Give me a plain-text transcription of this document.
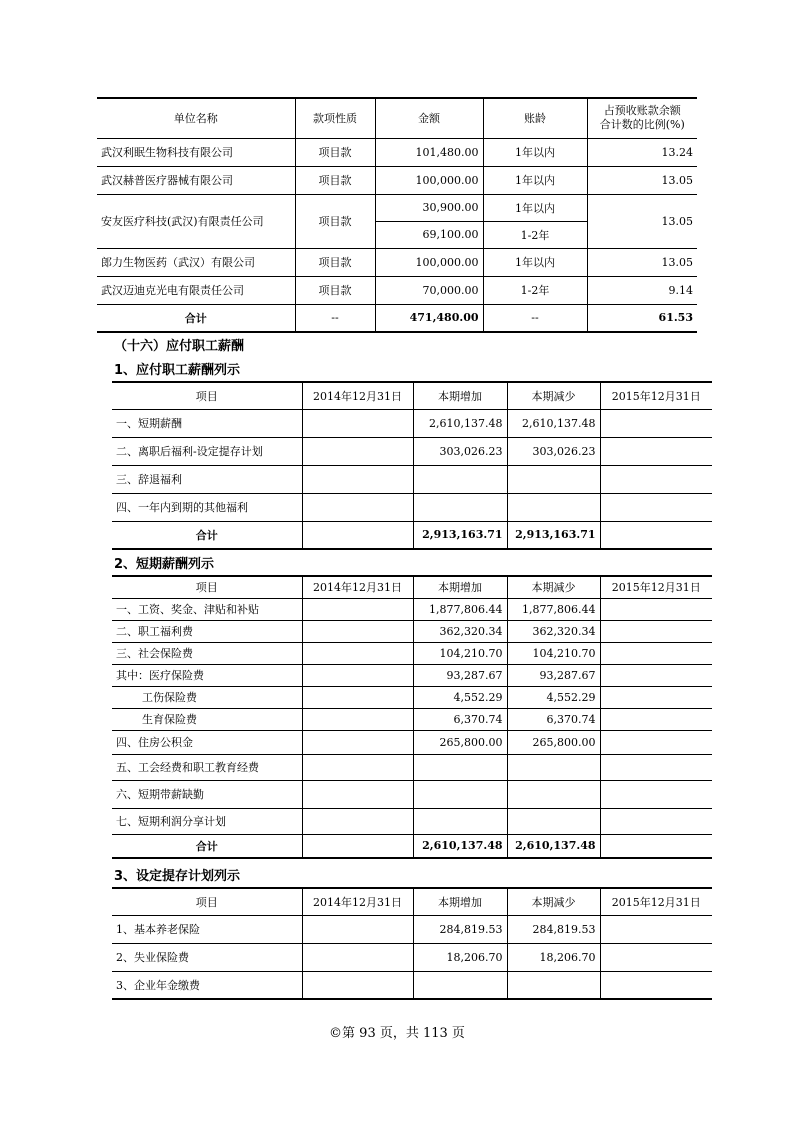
单位名称	款项性质	金额	账龄	占预收账款余额
合计数的比例(%)
武汉利眠生物科技有限公司	项目款	101,480.00	1年以内	13.24
武汉赫普医疗器械有限公司	项目款	100,000.00	1年以内	13.05
安友医疗科技(武汉)有限责任公司	项目款	30,900.00	1年以内	13.05
		69,100.00	1-2年	
郎力生物医药（武汉）有限公司	项目款	100,000.00	1年以内	13.05
武汉迈迪克光电有限责任公司	项目款	70,000.00	1-2年	9.14
合计	--	471,480.00	--	61.53
（十六）应付职工薪酬
1、应付职工薪酬列示
项目	2014年12月31日	本期增加	本期减少	2015年12月31日
一、短期薪酬		2,610,137.48	2,610,137.48	
二、离职后福利-设定提存计划		303,026.23	303,026.23	
三、辞退福利				
四、一年内到期的其他福利				
合计		2,913,163.71	2,913,163.71	
2、短期薪酬列示
项目	2014年12月31日	本期增加	本期减少	2015年12月31日
一、工资、奖金、津贴和补贴		1,877,806.44	1,877,806.44	
二、职工福利费		362,320.34	362,320.34	
三、社会保险费		104,210.70	104,210.70	
其中：医疗保险费		93,287.67	93,287.67	
工伤保险费		4,552.29	4,552.29	
生育保险费		6,370.74	6,370.74	
四、住房公积金		265,800.00	265,800.00	
五、工会经费和职工教育经费				
六、短期带薪缺勤				
七、短期利润分享计划				
合计		2,610,137.48	2,610,137.48	
3、设定提存计划列示
项目	2014年12月31日	本期增加	本期减少	2015年12月31日
1、基本养老保险		284,819.53	284,819.53	
2、失业保险费		18,206.70	18,206.70	
3、企业年金缴费				
©第 93 页，共 113 页
